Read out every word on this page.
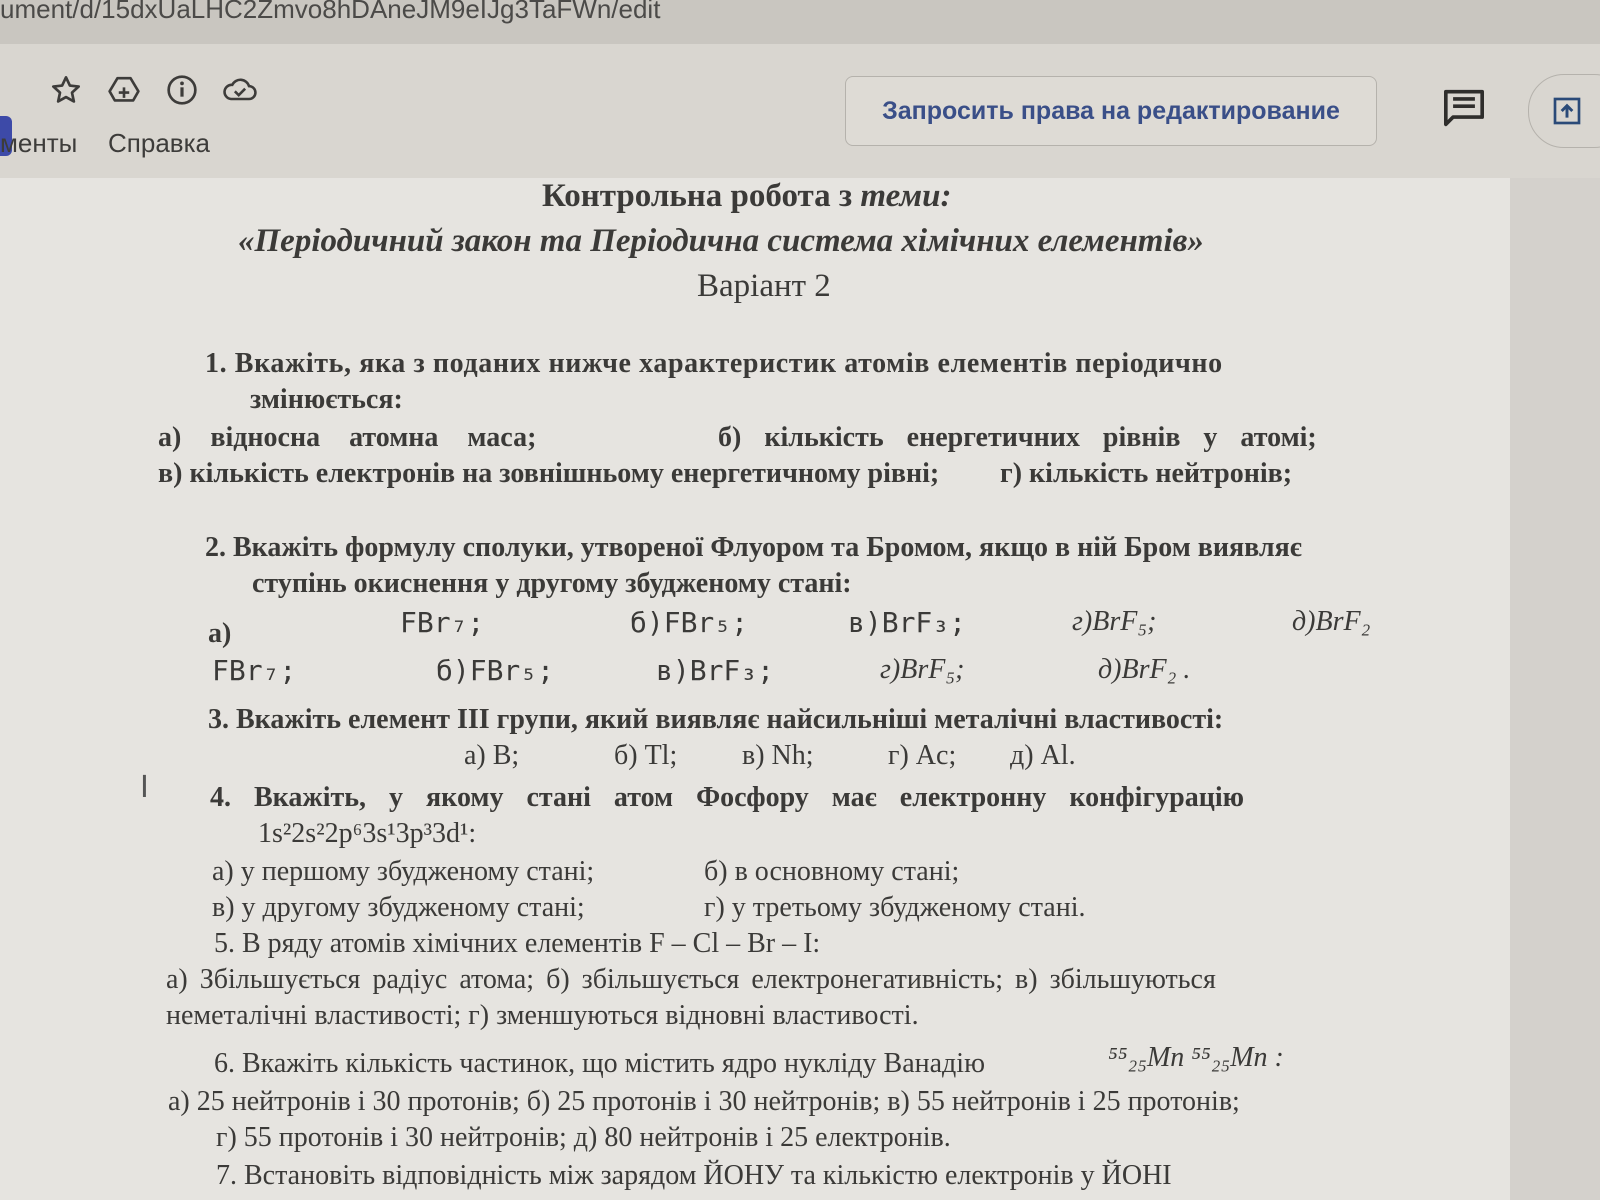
ument/d/15dxUaLHC2Zmvo8hDAneJM9eIJg3TaFWn/edit
менты Справка
Запросить права на редактирование
Контрольна робота з теми:
«Періодичний закон та Періодична система хімічних елементів»
Варіант 2
1. Вкажіть, яка з поданих нижче характеристик атомів елементів періодично
змінюється:
а) відносна атомна маса;	б) кількість енергетичних рівнів у атомі;
в) кількість електронів на зовнішньому енергетичному рівні; г) кількість нейтронів;
2. Вкажіть формулу сполуки, утвореної Флуором та Бромом, якщо в ній Бром виявляє
ступінь окиснення у другому збудженому стані:
а)	FBr₇;	б)FBr₅;	в)BrF₃;	г)BrF₅;	д)BrF₂
FBr₇;	б)FBr₅;	в)BrF₃;	г)BrF₅;	д)BrF₂ .
3. Вкажіть елемент ІІІ групи, який виявляє найсильніші металічні властивості:
а) B;	б) Tl; в) Nh;	г) Ac; д) Al.
4. Вкажіть, у якому стані атом Фосфору має електронну конфігурацію
1s²2s²2p⁶3s¹3p³3d¹:
а) у першому збудженому стані;	б) в основному стані;
в) у другому збудженому стані;	г) у третьому збудженому стані.
5. В ряду атомів хімічних елементів F – Cl – Br – I:
а) Збільшується радіус атома; б) збільшується електронегативність; в) збільшуються
неметалічні властивості; г) зменшуються відновні властивості.
6. Вкажіть кількість частинок, що містить ядро нукліду Ванадію	⁵⁵₂₅Mn ⁵⁵₂₅Mn :
а) 25 нейтронів і 30 протонів; б) 25 протонів і 30 нейтронів; в) 55 нейтронів і 25 протонів;
г) 55 протонів і 30 нейтронів; д) 80 нейтронів і 25 електронів.
7. Встановіть відповідність між зарядом ЙОНУ та кількістю електронів у ЙОНІ
I
